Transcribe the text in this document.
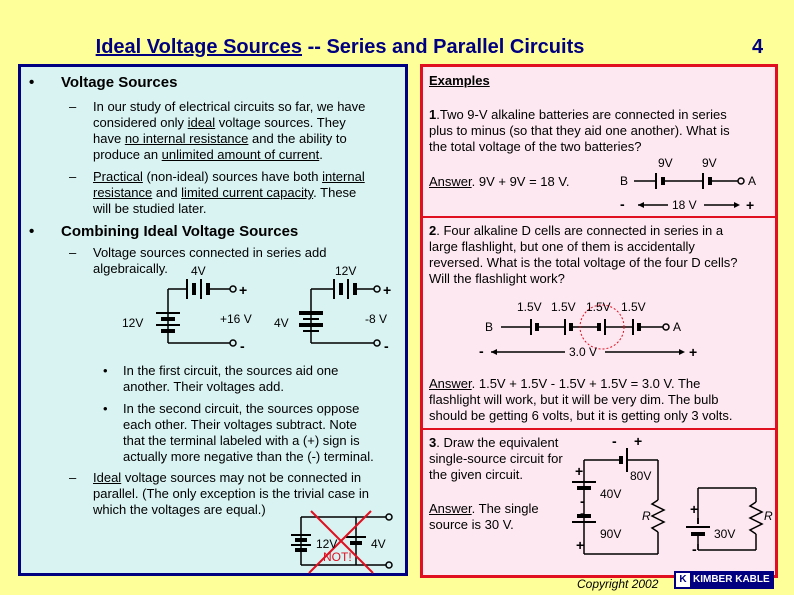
Ideal Voltage Sources -- Series and Parallel Circuits	4
• Voltage Sources
– In our study of electrical circuits so far, we have
considered only ideal voltage sources. They
have no internal resistance and the ability to
produce an unlimited amount of current.
– Practical (non-ideal) sources have both internal
resistance and limited current capacity. These
will be studied later.
• Combining Ideal Voltage Sources
– Voltage sources connected in series add
algebraically.	4V
12V
+
+16 V
-
12V
4V
+
-8 V
-
• In the first circuit, the sources aid one
another. Their voltages add.
• In the second circuit, the sources oppose
each other. Their voltages subtract. Note
that the terminal labeled with a (+) sign is
actually more negative than the (-) terminal.
– Ideal voltage sources may not be connected in
parallel. (The only exception is the trivial case in
which the voltages are equal.)
12V	4V
NOT!
Examples
1.Two 9-V alkaline batteries are connected in series
plus to minus (so that they aid one another). What is
the total voltage of the two batteries?
Answer. 9V + 9V = 18 V.
9V 9V
B	A
-	18 V	+
2. Four alkaline D cells are connected in series in a
large flashlight, but one of them is accidentally
reversed. What is the total voltage of the four D cells?
Will the flashlight work?
1.5V 1.5V 1.5V 1.5V
B	A
-	3.0 V	+
Answer. 1.5V + 1.5V - 1.5V + 1.5V = 3.0 V. The
flashlight will work, but it will be very dim. The bulb
should be getting 6 volts, but it is getting only 3 volts.
3. Draw the equivalent
single-source circuit for
the given circuit.
Answer. The single
source is 30 V.
- +
80V
+
40V
-
-
90V
+
R	+
30V
-
R
Copyright 2002	K KIMBER KABLE
